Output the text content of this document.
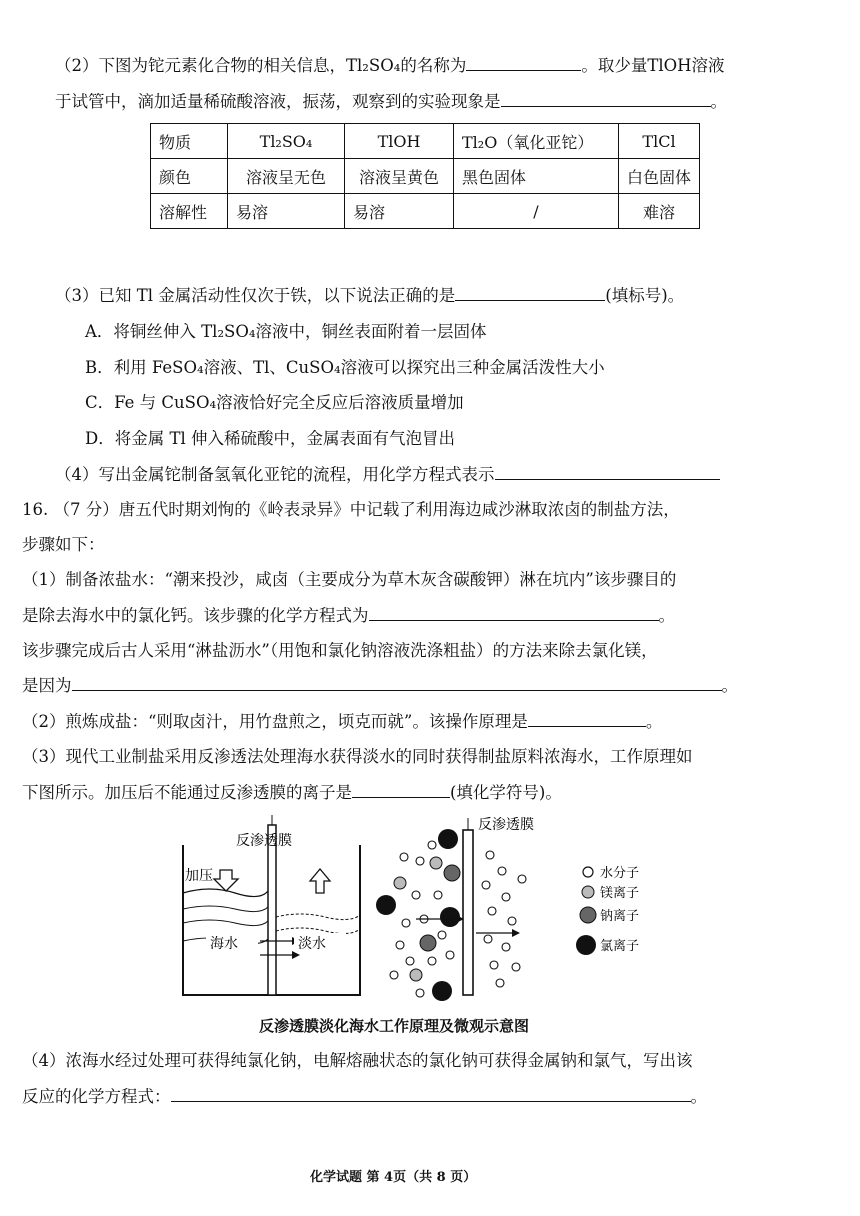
（2）下图为铊元素化合物的相关信息，Tl₂SO₄的名称为	。取少量TlOH溶液
于试管中，滴加适量稀硫酸溶液，振荡，观察到的实验现象是	。
物质	Tl₂SO₄	TlOH	Tl₂O（氧化亚铊）	TlCl
颜色	溶液呈无色	溶液呈黄色	黑色固体	白色固体
溶解性	易溶	易溶	/	难溶
（3）已知 Tl 金属活动性仅次于铁，以下说法正确的是	(填标号)。
A．将铜丝伸入 Tl₂SO₄溶液中，铜丝表面附着一层固体
B．利用 FeSO₄溶液、Tl、CuSO₄溶液可以探究出三种金属活泼性大小
C．Fe 与 CuSO₄溶液恰好完全反应后溶液质量增加
D．将金属 Tl 伸入稀硫酸中，金属表面有气泡冒出
（4）写出金属铊制备氢氧化亚铊的流程，用化学方程式表示
16. （7 分）唐五代时期刘恂的《岭表录异》中记载了利用海边咸沙淋取浓卤的制盐方法，
步骤如下：
（1）制备浓盐水：“潮来投沙，咸卤（主要成分为草木灰含碳酸钾）淋在坑内”该步骤目的
是除去海水中的氯化钙。该步骤的化学方程式为	。
该步骤完成后古人采用“淋盐沥水”（用饱和氯化钠溶液洗涤粗盐）的方法来除去氯化镁，
是因为	。
（2）煎炼成盐：“则取卤汁，用竹盘煎之，顷克而就”。该操作原理是	。
（3）现代工业制盐采用反渗透法处理海水获得淡水的同时获得制盐原料浓海水，工作原理如
下图所示。加压后不能通过反渗透膜的离子是	(填化学符号)。
反渗透膜
加压
海水	淡水
反渗透膜
水分子
镁离子
钠离子
氯离子
反渗透膜淡化海水工作原理及微观示意图
（4）浓海水经过处理可获得纯氯化钠，电解熔融状态的氯化钠可获得金属钠和氯气，写出该
反应的化学方程式：	。
化学试题 第 4页（共 8 页）
